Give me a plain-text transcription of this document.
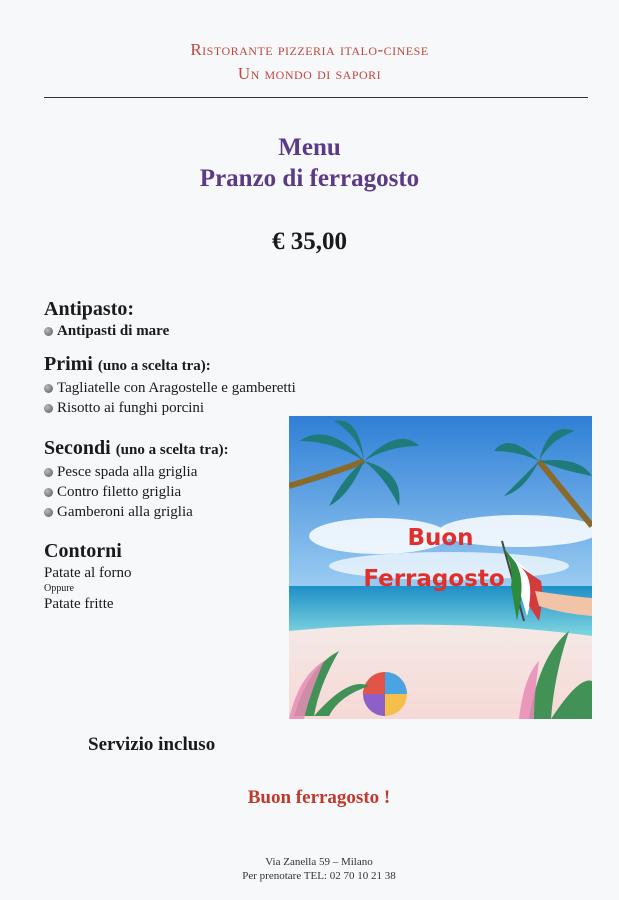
Ristorante pizzeria italo-cinese
Un mondo di sapori
Menu
Pranzo di ferragosto
€ 35,00
Antipasto:
Antipasti di mare
Primi (uno a scelta tra):
Tagliatelle con Aragostelle e gamberetti
Risotto ai funghi porcini
Secondi (uno a scelta tra):
Pesce spada alla griglia
Contro filetto griglia
Gamberoni alla griglia
Contorni
Patate al forno
Oppure
Patate fritte
Buon
Ferragosto
Servizio incluso
Buon ferragosto !
Via Zanella 59 – Milano
Per prenotare TEL: 02 70 10 21 38
